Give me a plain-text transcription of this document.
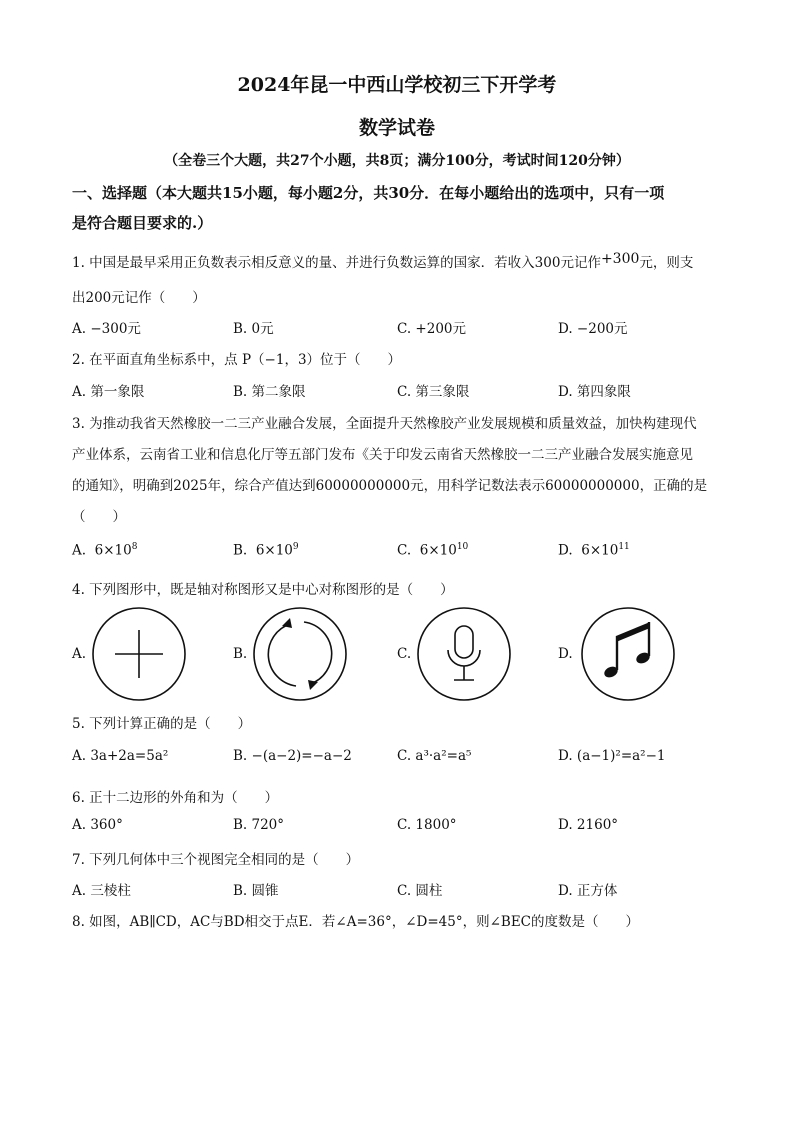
2024年昆一中西山学校初三下开学考
数学试卷
（全卷三个大题，共27个小题，共8页；满分100分，考试时间120分钟）
一、选择题（本大题共15小题，每小题2分，共30分．在每小题给出的选项中，只有一项
是符合题目要求的.）
1. 中国是最早采用正负数表示相反意义的量、并进行负数运算的国家．若收入300元记作+300元，则支
出200元记作（　　）
A. −300元	B. 0元	C. +200元	D. −200元
2. 在平面直角坐标系中，点 P（−1，3）位于（　　）
A. 第一象限	B. 第二象限	C. 第三象限	D. 第四象限
3. 为推动我省天然橡胶一二三产业融合发展，全面提升天然橡胶产业发展规模和质量效益，加快构建现代
产业体系，云南省工业和信息化厅等五部门发布《关于印发云南省天然橡胶一二三产业融合发展实施意见
的通知》，明确到2025年，综合产值达到60000000000元，用科学记数法表示60000000000，正确的是
（　　）
A. $6\times 10^8$	B. $6\times 10^9$	C. $6\times 10^{10}$	D. $6\times 10^{11}$
4. 下列图形中，既是轴对称图形又是中心对称图形的是（　　）
A.	B.	C.	D.
5. 下列计算正确的是（　　）
A. 3a+2a=5a²	B. −(a−2)=−a−2	C. a³·a²=a⁵	D. (a−1)²=a²−1
6. 正十二边形的外角和为（　　）
A. 360°	B. 720°	C. 1800°	D. 2160°
7. 下列几何体中三个视图完全相同的是（　　）
A. 三棱柱	B. 圆锥	C. 圆柱	D. 正方体
8. 如图，AB∥CD，AC与BD相交于点E．若∠A=36°，∠D=45°，则∠BEC的度数是（　　）
